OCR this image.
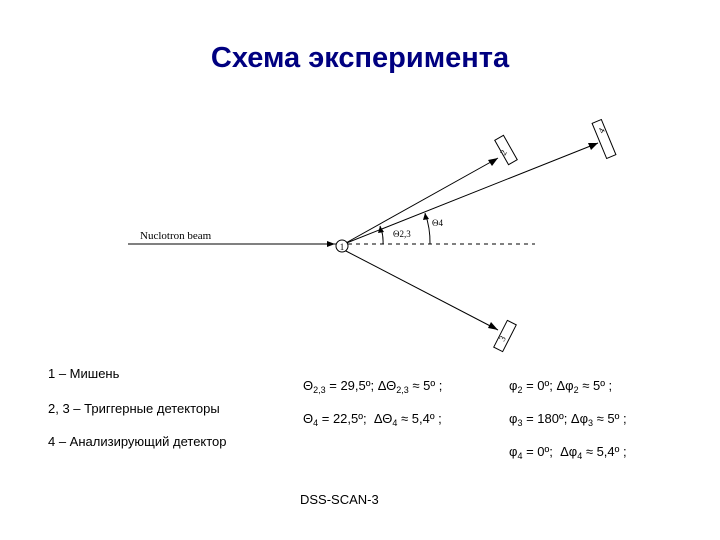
Схема эксперимента
Nuclotron beam
1
2
3
4
Θ2,3
Θ4
1 – Мишень
2, 3 – Триггерные детекторы
4 – Анализирующий детектор
$\Theta_{2,3}$ = 29,5º; $\Delta\Theta_{2,3}$ ≈ 5º ;
$\Theta_4$ = 22,5º;  $\Delta\Theta_4$ ≈ 5,4º ;
$\varphi_2$ = 0º; $\Delta\varphi_2$ ≈ 5º ;
$\varphi_3$ = 180º; $\Delta\varphi_3$ ≈ 5º ;
$\varphi_4$ = 0º;  $\Delta\varphi_4$ ≈ 5,4º ;
DSS-SCAN-3
